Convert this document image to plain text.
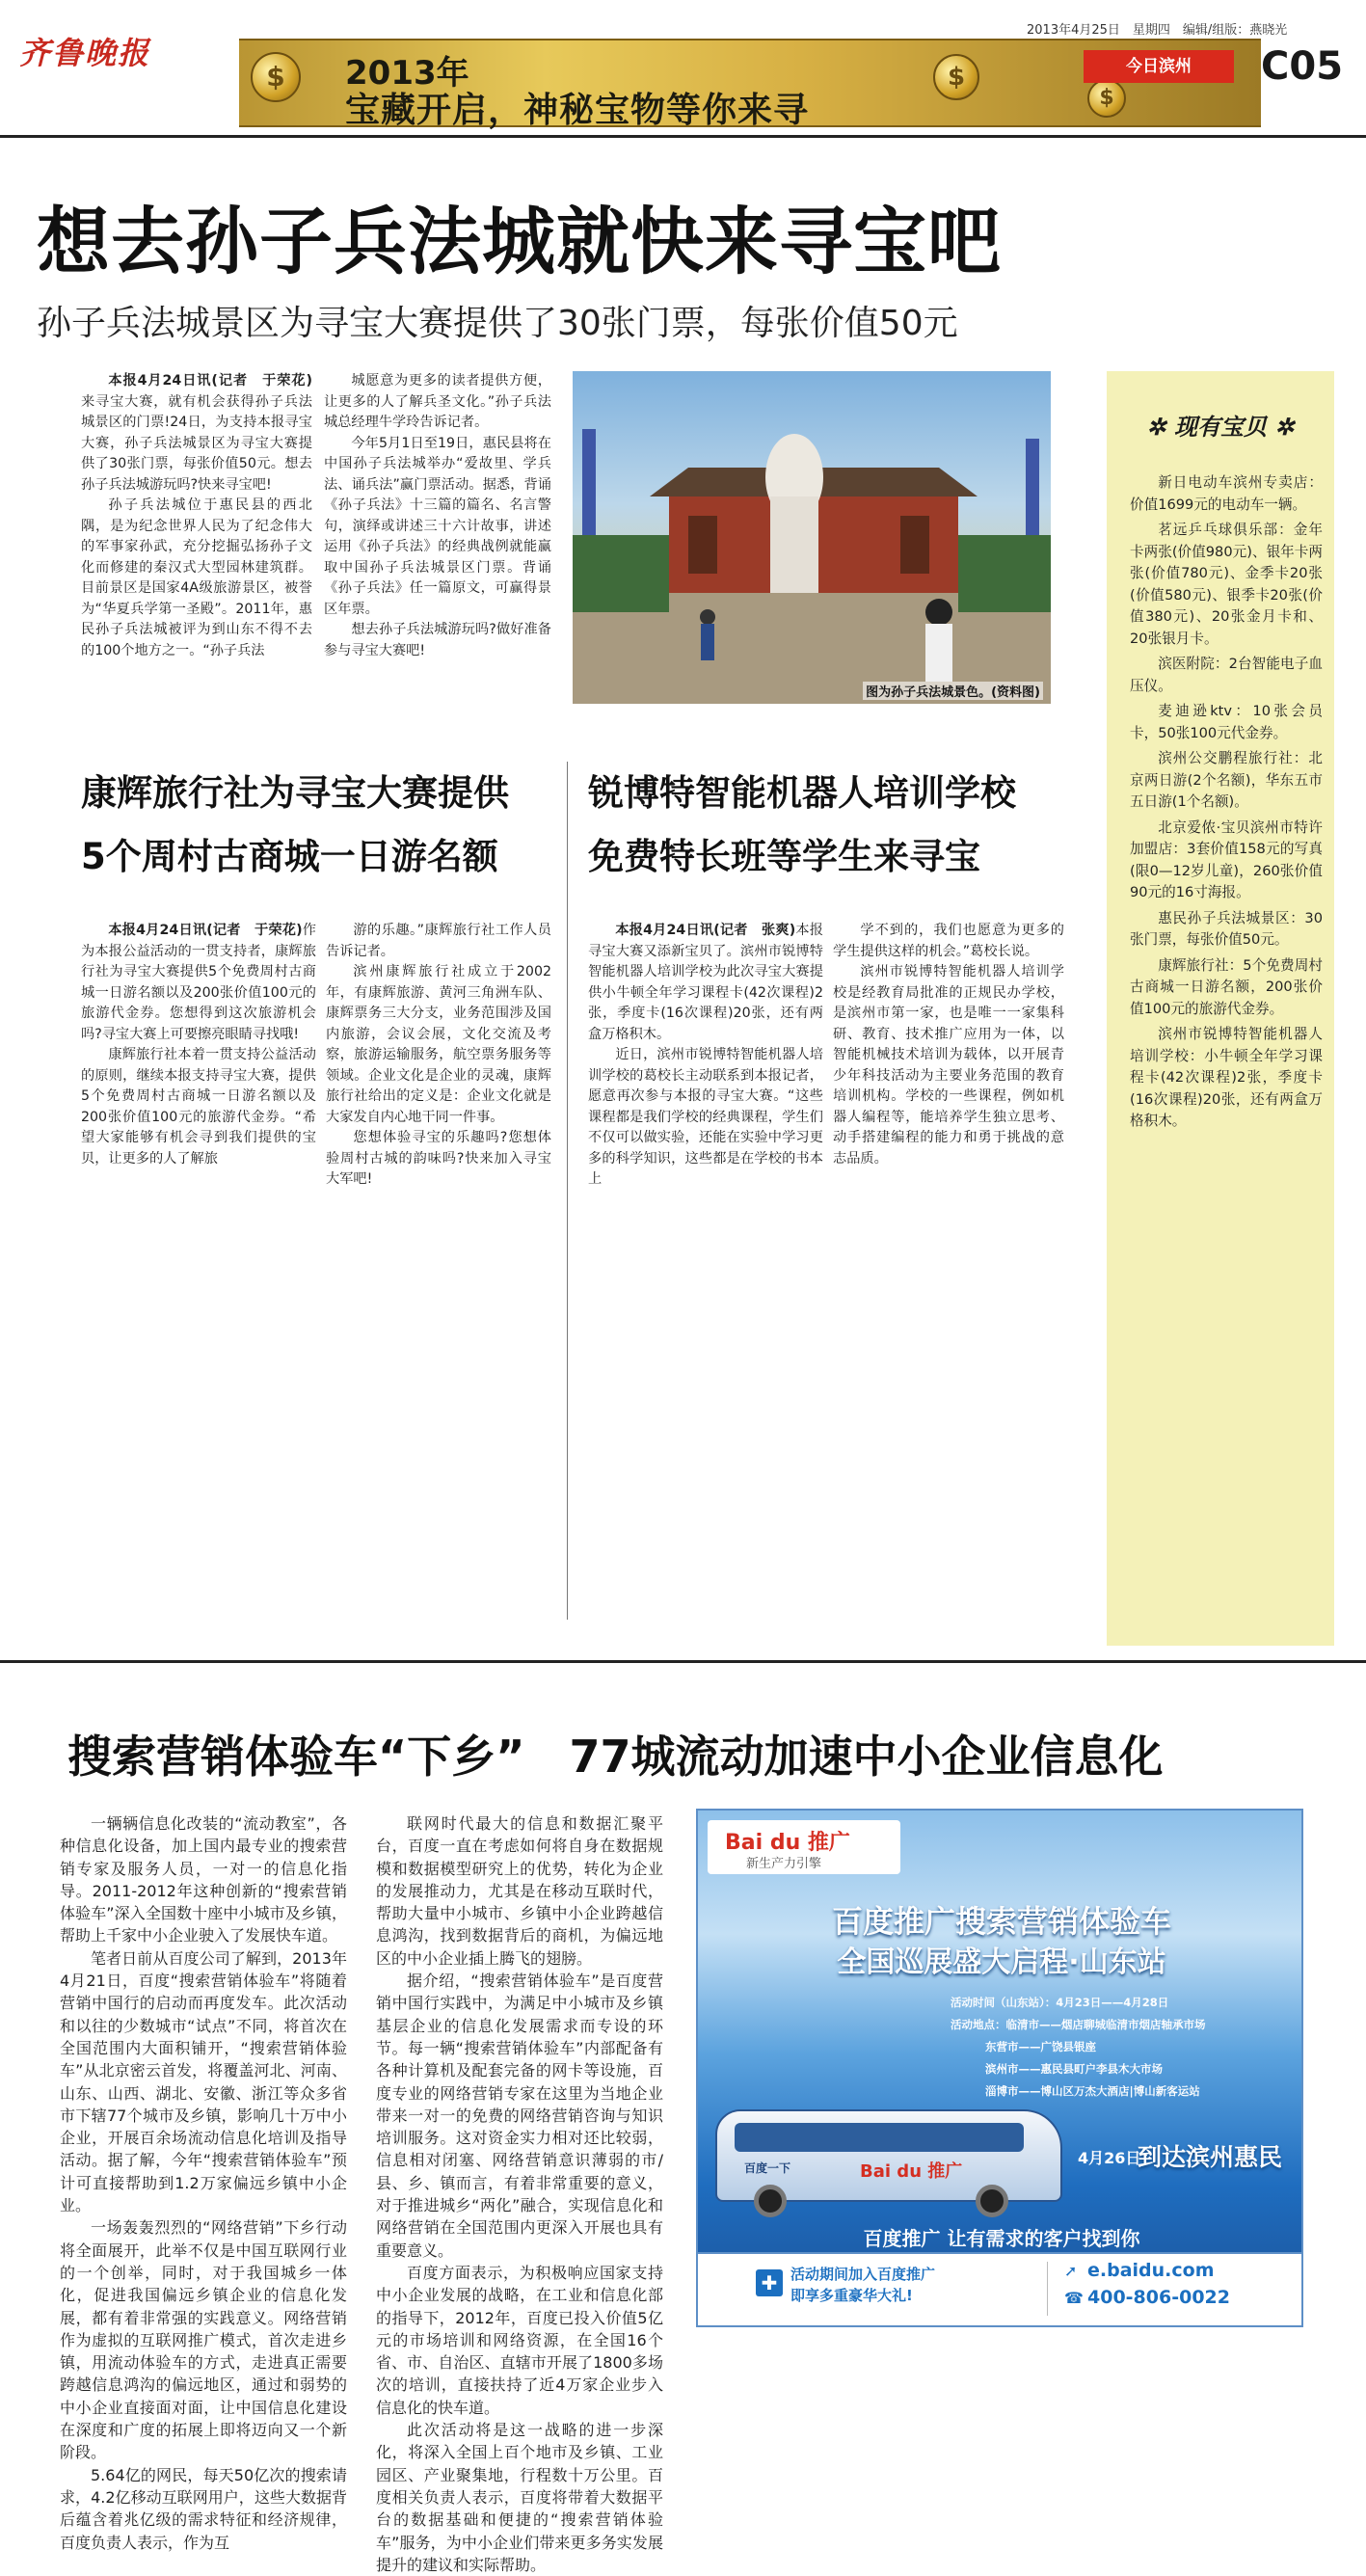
齐鲁晚报
$	2013年
宝藏开启，神秘宝物等你来寻
$
$
2013年4月25日　星期四　编辑/组版：燕晓光
今日滨州	C05
想去孙子兵法城就快来寻宝吧
孙子兵法城景区为寻宝大赛提供了30张门票，每张价值50元

本报4月24日讯(记者　于荣花)来寻宝大赛，就有机会获得孙子兵法城景区的门票!24日，为支持本报寻宝大赛，孙子兵法城景区为寻宝大赛提供了30张门票，每张价值50元。想去孙子兵法城游玩吗?快来寻宝吧!

孙子兵法城位于惠民县的西北隅，是为纪念世界人民为了纪念伟大的军事家孙武，充分挖掘弘扬孙子文化而修建的秦汉式大型园林建筑群。目前景区是国家4A级旅游景区，被誉为“华夏兵学第一圣殿”。2011年，惠民孙子兵法城被评为到山东不得不去的100个地方之一。“孙子兵法

城愿意为更多的读者提供方便，让更多的人了解兵圣文化。”孙子兵法城总经理牛学玲告诉记者。

今年5月1日至19日，惠民县将在中国孙子兵法城举办“爱故里、学兵法、诵兵法”赢门票活动。据悉，背诵《孙子兵法》十三篇的篇名、名言警句，演绎或讲述三十六计故事，讲述运用《孙子兵法》的经典战例就能赢取中国孙子兵法城景区门票。背诵《孙子兵法》任一篇原文，可赢得景区年票。

想去孙子兵法城游玩吗?做好准备参与寻宝大赛吧!

图为孙子兵法城景色。(资料图)
✲ 现有宝贝 ✲

新日电动车滨州专卖店：价值1699元的电动车一辆。

茗远乒乓球俱乐部：金年卡两张(价值980元)、银年卡两张(价值780元)、金季卡20张(价值580元)、银季卡20张(价值380元)、20张金月卡和、20张银月卡。

滨医附院：2台智能电子血压仪。

麦迪逊ktv：10张会员卡，50张100元代金券。

滨州公交鹏程旅行社：北京两日游(2个名额)，华东五市五日游(1个名额)。

北京爱侬·宝贝滨州市特许加盟店：3套价值158元的写真(限0—12岁儿童)，260张价值90元的16寸海报。

惠民孙子兵法城景区：30张门票，每张价值50元。

康辉旅行社：5个免费周村古商城一日游名额，200张价值100元的旅游代金券。

滨州市锐博特智能机器人培训学校：小牛顿全年学习课程卡(42次课程)2张，季度卡(16次课程)20张，还有两盒万格积木。

康辉旅行社为寻宝大赛提供
5个周村古商城一日游名额

本报4月24日讯(记者　于荣花)作为本报公益活动的一贯支持者，康辉旅行社为寻宝大赛提供5个免费周村古商城一日游名额以及200张价值100元的旅游代金券。您想得到这次旅游机会吗?寻宝大赛上可要擦亮眼睛寻找哦!

康辉旅行社本着一贯支持公益活动的原则，继续本报支持寻宝大赛，提供5个免费周村古商城一日游名额以及200张价值100元的旅游代金券。“希望大家能够有机会寻到我们提供的宝贝，让更多的人了解旅

游的乐趣。”康辉旅行社工作人员告诉记者。

滨州康辉旅行社成立于2002年，有康辉旅游、黄河三角洲车队、康辉票务三大分支，业务范围涉及国内旅游，会议会展，文化交流及考察，旅游运输服务，航空票务服务等领域。企业文化是企业的灵魂，康辉旅行社给出的定义是：企业文化就是大家发自内心地干同一件事。

您想体验寻宝的乐趣吗?您想体验周村古城的韵味吗?快来加入寻宝大军吧!

锐博特智能机器人培训学校
免费特长班等学生来寻宝

本报4月24日讯(记者　张爽)本报寻宝大赛又添新宝贝了。滨州市锐博特智能机器人培训学校为此次寻宝大赛提供小牛顿全年学习课程卡(42次课程)2张，季度卡(16次课程)20张，还有两盒万格积木。

近日，滨州市锐博特智能机器人培训学校的葛校长主动联系到本报记者，愿意再次参与本报的寻宝大赛。“这些课程都是我们学校的经典课程，学生们不仅可以做实验，还能在实验中学习更多的科学知识，这些都是在学校的书本上

学不到的，我们也愿意为更多的学生提供这样的机会。”葛校长说。

滨州市锐博特智能机器人培训学校是经教育局批准的正规民办学校，是滨州市第一家，也是唯一一家集科研、教育、技术推广应用为一体，以智能机械技术培训为载体，以开展青少年科技活动为主要业务范围的教育培训机构。学校的一些课程，例如机器人编程等，能培养学生独立思考、动手搭建编程的能力和勇于挑战的意志品质。

搜索营销体验车“下乡”　77城流动加速中小企业信息化

一辆辆信息化改装的“流动教室”，各种信息化设备，加上国内最专业的搜索营销专家及服务人员，一对一的信息化指导。2011-2012年这种创新的“搜索营销体验车”深入全国数十座中小城市及乡镇，帮助上千家中小企业驶入了发展快车道。

笔者日前从百度公司了解到，2013年4月21日，百度“搜索营销体验车”将随着营销中国行的启动而再度发车。此次活动和以往的少数城市“试点”不同，将首次在全国范围内大面积铺开，“搜索营销体验车”从北京密云首发，将覆盖河北、河南、山东、山西、湖北、安徽、浙江等众多省市下辖77个城市及乡镇，影响几十万中小企业，开展百余场流动信息化培训及指导活动。据了解，今年“搜索营销体验车”预计可直接帮助到1.2万家偏远乡镇中小企业。

一场轰轰烈烈的“网络营销”下乡行动将全面展开，此举不仅是中国互联网行业的一个创举，同时，对于我国城乡一体化，促进我国偏远乡镇企业的信息化发展，都有着非常强的实践意义。网络营销作为虚拟的互联网推广模式，首次走进乡镇，用流动体验车的方式，走进真正需要跨越信息鸿沟的偏远地区，通过和弱势的中小企业直接面对面，让中国信息化建设在深度和广度的拓展上即将迈向又一个新阶段。

5.64亿的网民，每天50亿次的搜索请求，4.2亿移动互联网用户，这些大数据背后蕴含着兆亿级的需求特征和经济规律，百度负责人表示，作为互

联网时代最大的信息和数据汇聚平台，百度一直在考虑如何将自身在数据规模和数据模型研究上的优势，转化为企业的发展推动力，尤其是在移动互联时代，帮助大量中小城市、乡镇中小企业跨越信息鸿沟，找到数据背后的商机，为偏远地区的中小企业插上腾飞的翅膀。

据介绍，“搜索营销体验车”是百度营销中国行实践中，为满足中小城市及乡镇基层企业的信息化发展需求而专设的环节。每一辆“搜索营销体验车”内部配备有各种计算机及配套完备的网卡等设施，百度专业的网络营销专家在这里为当地企业带来一对一的免费的网络营销咨询与知识培训服务。这对资金实力相对还比较弱，信息相对闭塞、网络营销意识薄弱的市/县、乡、镇而言，有着非常重要的意义，对于推进城乡“两化”融合，实现信息化和网络营销在全国范围内更深入开展也具有重要意义。

百度方面表示，为积极响应国家支持中小企业发展的战略，在工业和信息化部的指导下，2012年，百度已投入价值5亿元的市场培训和网络资源，在全国16个省、市、自治区、直辖市开展了1800多场次的培训，直接扶持了近4万家企业步入信息化的快车道。

此次活动将是这一战略的进一步深化，将深入全国上百个地市及乡镇、工业园区、产业聚集地，行程数十万公里。百度相关负责人表示，百度将带着大数据平台的数据基础和便捷的“搜索营销体验车”服务，为中小企业们带来更多务实发展提升的建议和实际帮助。

Bai du 推广
新生产力引擎
百度推广搜索营销体验车
全国巡展盛大启程·山东站
活动时间（山东站）：4月23日——4月28日
活动地点：临清市——烟店聊城临清市烟店轴承市场
东营市——广饶县银座
滨州市——惠民县町户李县木大市场
淄博市——博山区万杰大酒店|博山新客运站
百度一下	Bai du 推广
4月26日
到达滨州惠民
百度推广 让有需求的客户找到你
✚ 活动期间加入百度推广
即享多重豪华大礼!
➚ e.baidu.com
☎ 400-806-0022
